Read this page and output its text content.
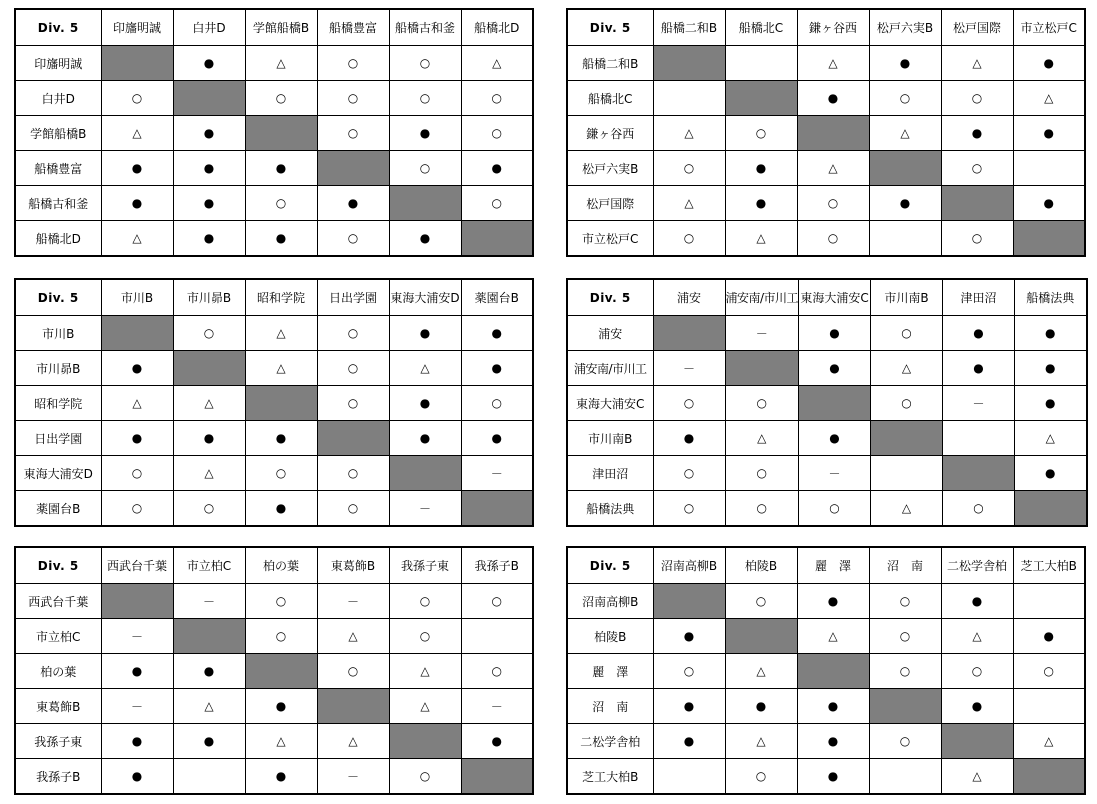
Div. 5	印旛明誠	白井D	学館船橋B	船橋豊富	船橋古和釜	船橋北D
印旛明誠		●	△	○	○	△
白井D	○		○	○	○	○
学館船橋B	△	●		○	●	○
船橋豊富	●	●	●		○	●
船橋古和釜	●	●	○	●		○
船橋北D	△	●	●	○	●	
Div. 5	船橋二和B	船橋北C	鎌ヶ谷西	松戸六実B	松戸国際	市立松戸C
船橋二和B			△	●	△	●
船橋北C			●	○	○	△
鎌ヶ谷西	△	○		△	●	●
松戸六実B	○	●	△		○	
松戸国際	△	●	○	●		●
市立松戸C	○	△	○		○	
Div. 5	市川B	市川昴B	昭和学院	日出学園	東海大浦安D	薬園台B
市川B		○	△	○	●	●
市川昴B	●		△	○	△	●
昭和学院	△	△		○	●	○
日出学園	●	●	●		●	●
東海大浦安D	○	△	○	○		－
薬園台B	○	○	●	○	－	
Div. 5	浦安	浦安南/市川工	東海大浦安C	市川南B	津田沼	船橋法典
浦安		－	●	○	●	●
浦安南/市川工	－		●	△	●	●
東海大浦安C	○	○		○	－	●
市川南B	●	△	●			△
津田沼	○	○	－			●
船橋法典	○	○	○	△	○	
Div. 5	西武台千葉	市立柏C	柏の葉	東葛飾B	我孫子東	我孫子B
西武台千葉		－	○	－	○	○
市立柏C	－		○	△	○	
柏の葉	●	●		○	△	○
東葛飾B	－	△	●		△	－
我孫子東	●	●	△	△		●
我孫子B	●		●	－	○	
Div. 5	沼南高柳B	柏陵B	麗　澤	沼　南	二松学舎柏	芝工大柏B
沼南高柳B		○	●	○	●	
柏陵B	●		△	○	△	●
麗　澤	○	△		○	○	○
沼　南	●	●	●		●	
二松学舎柏	●	△	●	○		△
芝工大柏B		○	●		△	
